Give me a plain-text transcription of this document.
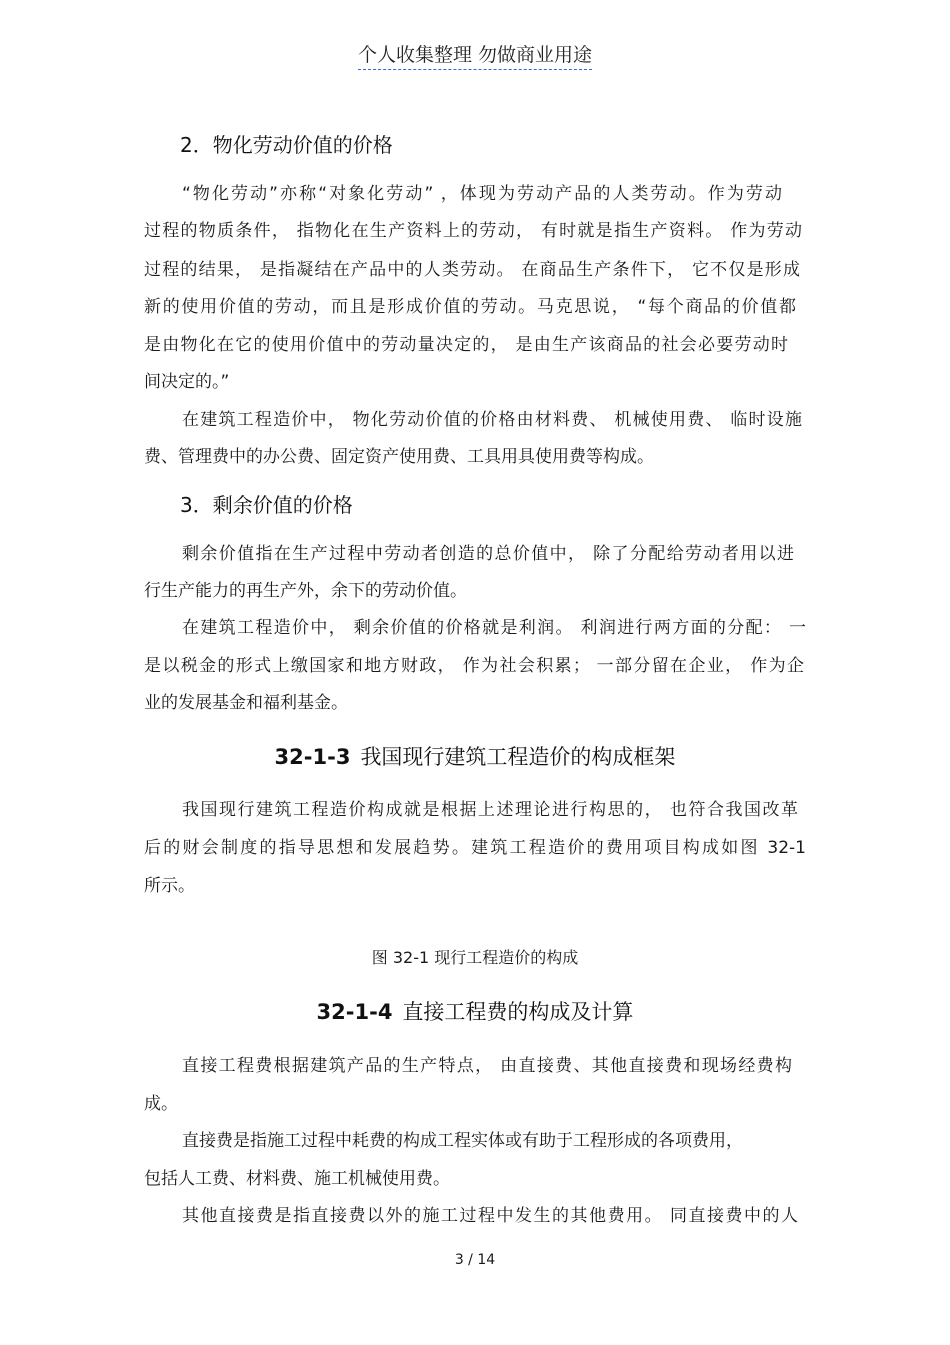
个人收集整理 勿做商业用途
2．物化劳动价值的价格
“物化劳动”亦称“对象化劳动” ，体现为劳动产品的人类劳动。作为劳动
过程的物质条件， 指物化在生产资料上的劳动， 有时就是指生产资料。 作为劳动
过程的结果， 是指凝结在产品中的人类劳动。 在商品生产条件下， 它不仅是形成
新的使用价值的劳动，而且是形成价值的劳动。马克思说， “每个商品的价值都
是由物化在它的使用价值中的劳动量决定的， 是由生产该商品的社会必要劳动时
间决定的。”
在建筑工程造价中， 物化劳动价值的价格由材料费、 机械使用费、 临时设施
费、管理费中的办公费、固定资产使用费、工具用具使用费等构成。
3．剩余价值的价格
剩余价值指在生产过程中劳动者创造的总价值中， 除了分配给劳动者用以进
行生产能力的再生产外，余下的劳动价值。
在建筑工程造价中， 剩余价值的价格就是利润。 利润进行两方面的分配： 一
是以税金的形式上缴国家和地方财政， 作为社会积累； 一部分留在企业， 作为企
业的发展基金和福利基金。
32-1-3 我国现行建筑工程造价的构成框架
我国现行建筑工程造价构成就是根据上述理论进行构思的， 也符合我国改革
后的财会制度的指导思想和发展趋势。建筑工程造价的费用项目构成如图 32-1
所示。
图 32-1 现行工程造价的构成
32-1-4 直接工程费的构成及计算
直接工程费根据建筑产品的生产特点， 由直接费、其他直接费和现场经费构
成。
直接费是指施工过程中耗费的构成工程实体或有助于工程形成的各项费用，
包括人工费、材料费、施工机械使用费。
其他直接费是指直接费以外的施工过程中发生的其他费用。 同直接费中的人
3 / 14
